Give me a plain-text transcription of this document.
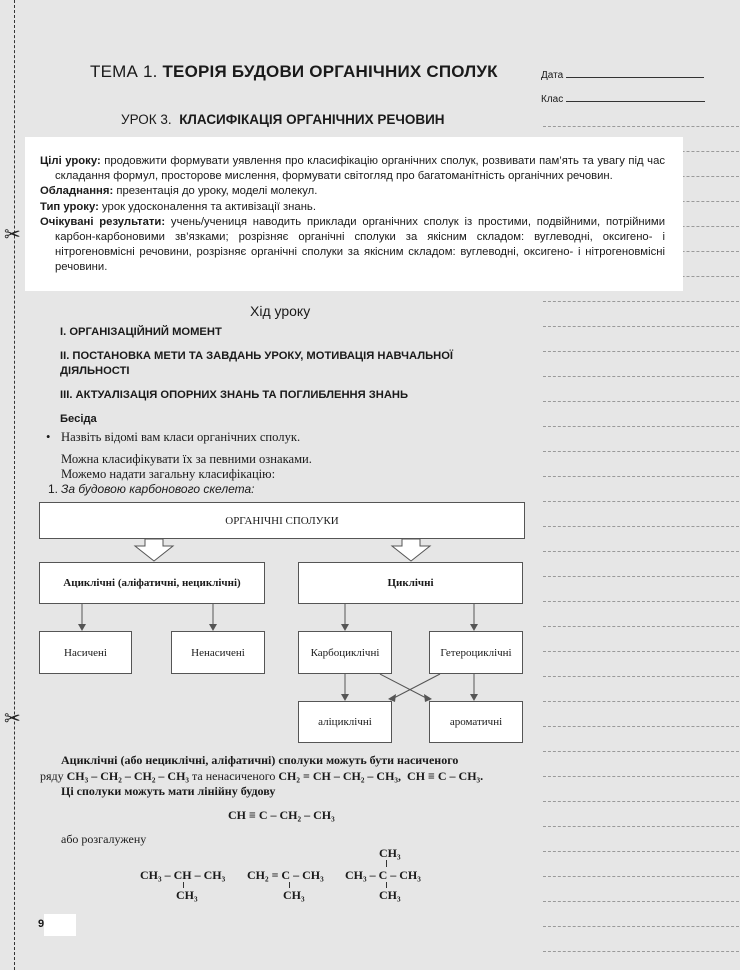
✂
✂
ТЕМА 1. ТЕОРІЯ БУДОВИ ОРГАНІЧНИХ СПОЛУК
УРОК 3. КЛАСИФІКАЦІЯ ОРГАНІЧНИХ РЕЧОВИН
Дата
Клас

Цілі уроку: продовжити формувати уявлення про класифікацію органічних сполук, розвивати пам’ять та увагу під час складання формул, просторове мислення, формувати світогляд про багатоманітність органічних речовин.

Обладнання: презентація до уроку, моделі молекул.

Тип уроку: урок удосконалення та активізації знань.

Очікувані результати: учень/учениця наводить приклади органічних сполук із простими, подвійними, потрійними карбон-карбоновими зв’язками; розрізняє органічні сполуки за якісним складом: вуглеводні, оксигено- і нітрогеновмісні речовини, розрізняє органічні сполуки за якісним складом: вуглеводні, оксигено- і нітрогеновмісні речовини.

Хід уроку
І. ОРГАНІЗАЦІЙНИЙ МОМЕНТ
ІІ. ПОСТАНОВКА МЕТИ ТА ЗАВДАНЬ УРОКУ, МОТИВАЦІЯ НАВЧАЛЬНОЇ
ДІЯЛЬНОСТІ
ІІІ. АКТУАЛІЗАЦІЯ ОПОРНИХ ЗНАНЬ ТА ПОГЛИБЛЕННЯ ЗНАНЬ
Бесіда
• Назвіть відомі вам класи органічних сполук.
Можна класифікувати їх за певними ознаками.
Можемо надати загальну класифікацію:
1. За будовою карбонового скелета:
ОРГАНІЧНІ СПОЛУКИ
Ациклічні (аліфатичні, нециклічні)	Циклічні
Насичені	Ненасичені	Карбоциклічні	Гетероциклічні
аліциклічні	ароматичні
Ациклічні (або нециклічні, аліфатичні) сполуки можуть бути насиченого
ряду CH₃ – CH₂ – CH₂ – CH₃ та ненасиченого CH₂ = CH – CH₂ – CH₃, CH ≡ C – CH₃.
Ці сполуки можуть мати лінійну будову
CH ≡ C – CH₂ – CH₃
або розгалужену
CH₃ – CH – CH₃
CH₃
CH₂ = C – CH₃
CH₃
CH₃
CH₃ – C – CH₃
CH₃
9
